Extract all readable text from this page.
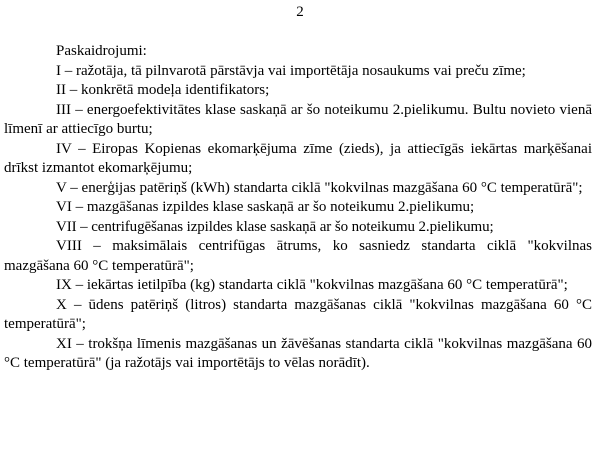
2

Paskaidrojumi:

I – ražotāja, tā pilnvarotā pārstāvja vai importētāja nosaukums vai preču zīme;

II – konkrētā modeļa identifikators;

III – energoefektivitātes klase saskaņā ar šo noteikumu 2.pielikumu. Bultu novieto vienā līmenī ar attiecīgo burtu;

IV – Eiropas Kopienas ekomarķējuma zīme (zieds), ja attiecīgās iekārtas marķēšanai drīkst izmantot ekomarķējumu;

V – enerģijas patēriņš (kWh) standarta ciklā "kokvilnas mazgāšana 60 °C temperatūrā";

VI – mazgāšanas izpildes klase saskaņā ar šo noteikumu 2.pielikumu;

VII – centrifugēšanas izpildes klase saskaņā ar šo noteikumu 2.pielikumu;

VIII – maksimālais centrifūgas ātrums, ko sasniedz standarta ciklā "kokvilnas mazgāšana 60 °C temperatūrā";

IX – iekārtas ietilpība (kg) standarta ciklā "kokvilnas mazgāšana 60 °C temperatūrā";

X – ūdens patēriņš (litros) standarta mazgāšanas ciklā "kokvilnas mazgāšana 60 °C temperatūrā";

XI – trokšņa līmenis mazgāšanas un žāvēšanas standarta ciklā "kokvilnas mazgāšana 60 °C temperatūrā" (ja ražotājs vai importētājs to vēlas norādīt).
